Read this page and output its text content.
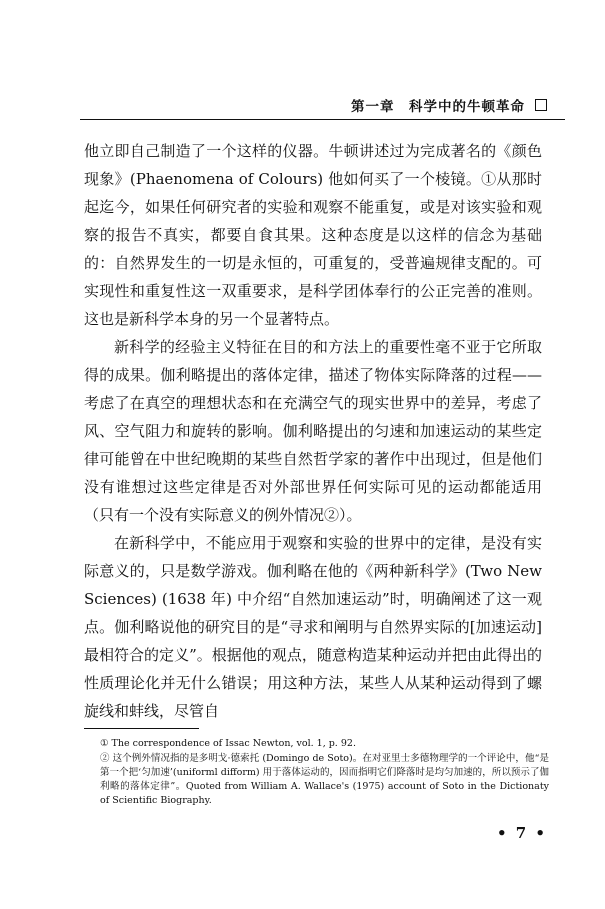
第一章　科学中的牛顿革命

他立即自己制造了一个这样的仪器。牛顿讲述过为完成著名的《颜色现象》(Phaenomena of Colours) 他如何买了一个棱镜。①从那时起迄今，如果任何研究者的实验和观察不能重复，或是对该实验和观察的报告不真实，都要自食其果。这种态度是以这样的信念为基础的：自然界发生的一切是永恒的，可重复的，受普遍规律支配的。可实现性和重复性这一双重要求，是科学团体奉行的公正完善的准则。这也是新科学本身的另一个显著特点。

新科学的经验主义特征在目的和方法上的重要性毫不亚于它所取得的成果。伽利略提出的落体定律，描述了物体实际降落的过程——考虑了在真空的理想状态和在充满空气的现实世界中的差异，考虑了风、空气阻力和旋转的影响。伽利略提出的匀速和加速运动的某些定律可能曾在中世纪晚期的某些自然哲学家的著作中出现过，但是他们没有谁想过这些定律是否对外部世界任何实际可见的运动都能适用（只有一个没有实际意义的例外情况②）。

在新科学中，不能应用于观察和实验的世界中的定律，是没有实际意义的，只是数学游戏。伽利略在他的《两种新科学》(Two New Sciences) (1638 年) 中介绍“自然加速运动”时，明确阐述了这一观点。伽利略说他的研究目的是“寻求和阐明与自然界实际的[加速运动]最相符合的定义”。根据他的观点，随意构造某种运动并把由此得出的性质理论化并无什么错误；用这种方法，某些人从某种运动得到了螺旋线和蚌线，尽管自

① The correspondence of Issac Newton, vol. 1, p. 92.

② 这个例外情况指的是多明戈·德索托 (Domingo de Soto)。在对亚里士多德物理学的一个评论中，他“是第一个把‘匀加速’(uniforml difform) 用于落体运动的，因而指明它们降落时是均匀加速的，所以预示了伽利略的落体定律”。Quoted from William A. Wallace's (1975) account of Soto in the Dictionaty of Scientific Biography.

• 7 •
